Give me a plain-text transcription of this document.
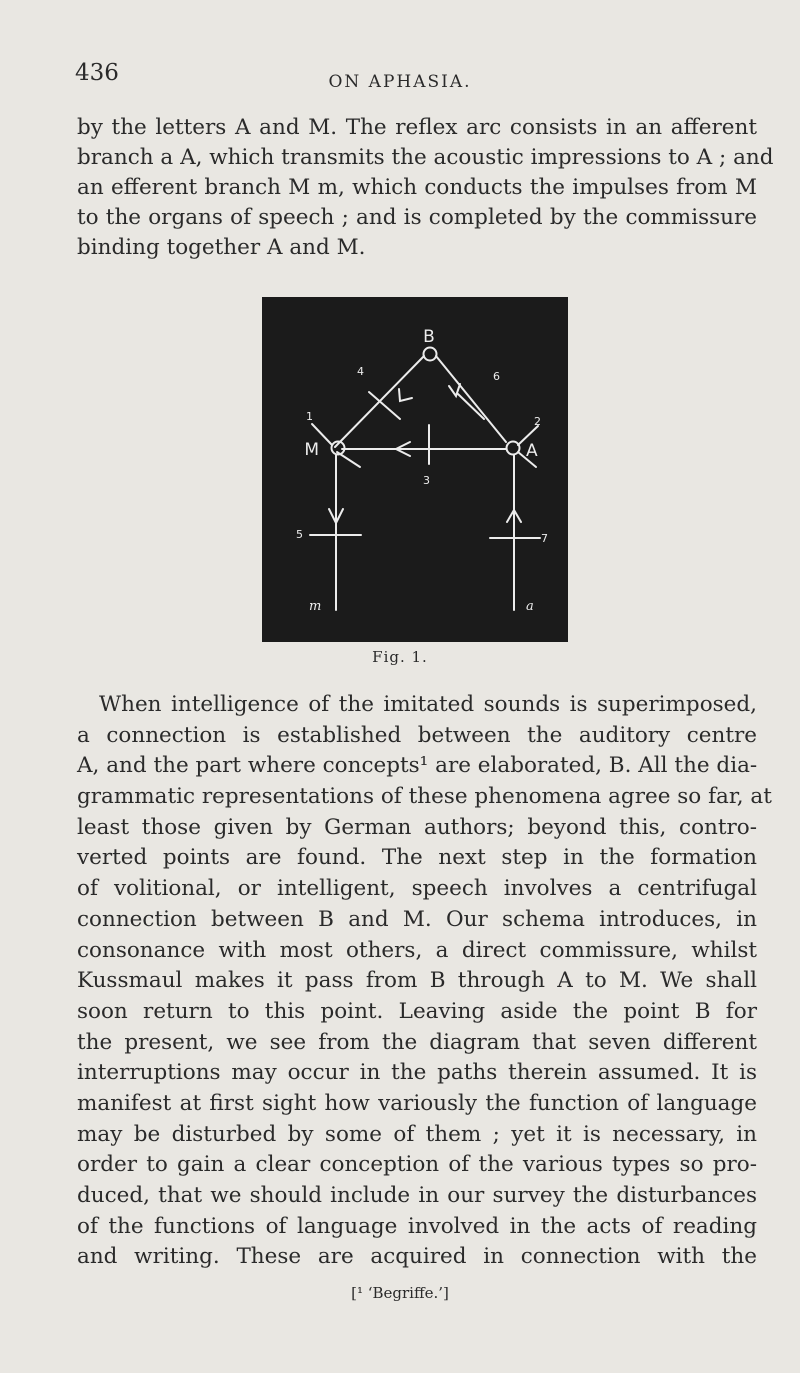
436	ON APHASIA.
by the letters A and M. The reflex arc consists in an afferent
branch a A, which transmits the acoustic impressions to A ; and
an efferent branch M m, which conducts the impulses from M
to the organs of speech ; and is completed by the commissure
binding together A and M.
B
M	A
1	2
3
4
5
6
7
m	a
Fig. 1.
When intelligence of the imitated sounds is superimposed,
a connection is established between the auditory centre
A, and the part where concepts¹ are elaborated, B. All the dia-
grammatic representations of these phenomena agree so far, at
least those given by German authors; beyond this, contro-
verted points are found. The next step in the formation
of volitional, or intelligent, speech involves a centrifugal
connection between B and M. Our schema introduces, in
consonance with most others, a direct commissure, whilst
Kussmaul makes it pass from B through A to M. We shall
soon return to this point. Leaving aside the point B for
the present, we see from the diagram that seven different
interruptions may occur in the paths therein assumed. It is
manifest at first sight how variously the function of language
may be disturbed by some of them ; yet it is necessary, in
order to gain a clear conception of the various types so pro-
duced, that we should include in our survey the disturbances
of the functions of language involved in the acts of reading
and writing. These are acquired in connection with the
[¹ ‘Begriffe.’]
